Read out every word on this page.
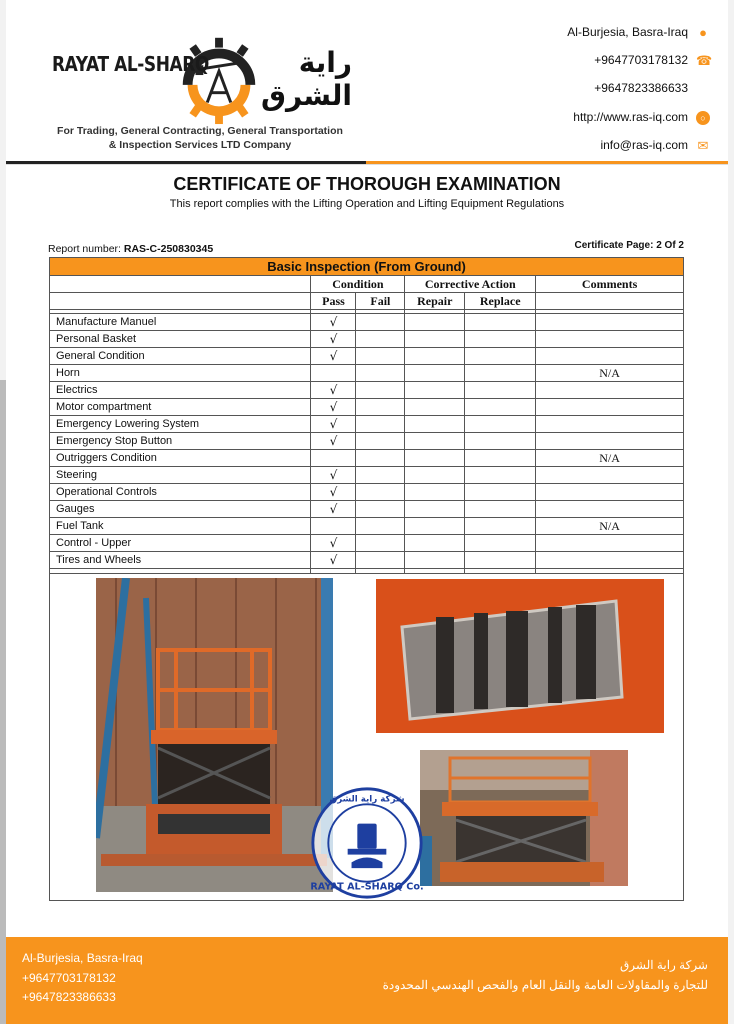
RAYAT AL-SHARQ	راية الشرق
For Trading, General Contracting, General Transportation
& Inspection Services LTD Company
Al-Burjesia, Basra-Iraq ●
+9647703178132 ☎
+9647823386633
http://www.ras-iq.com ○
info@ras-iq.com ✉
CERTIFICATE OF THOROUGH EXAMINATION
This report complies with the Lifting Operation and Lifting Equipment Regulations
Report number: RAS-C-250830345	Certificate Page: 2 Of 2
Basic Inspection (From Ground)					
	Condition		Corrective Action		Comments
	Pass	Fail	Repair	Replace	

Manufacture Manuel	√				
Personal Basket	√				
General Condition	√				
Horn					N/A
Electrics	√				
Motor compartment	√				
Emergency Lowering System	√				
Emergency Stop Button	√				
Outriggers Condition					N/A
Steering	√				
Operational Controls	√				
Gauges	√				
Fuel Tank					N/A
Control - Upper	√				
Tires and Wheels	√				

RAYAT AL-SHARQ Co.
شركة راية الشرق
Al-Burjesia, Basra-Iraq
+9647703178132
+9647823386633
شركة راية الشرق
للتجارة والمقاولات العامة والنقل العام والفحص الهندسي المحدودة
